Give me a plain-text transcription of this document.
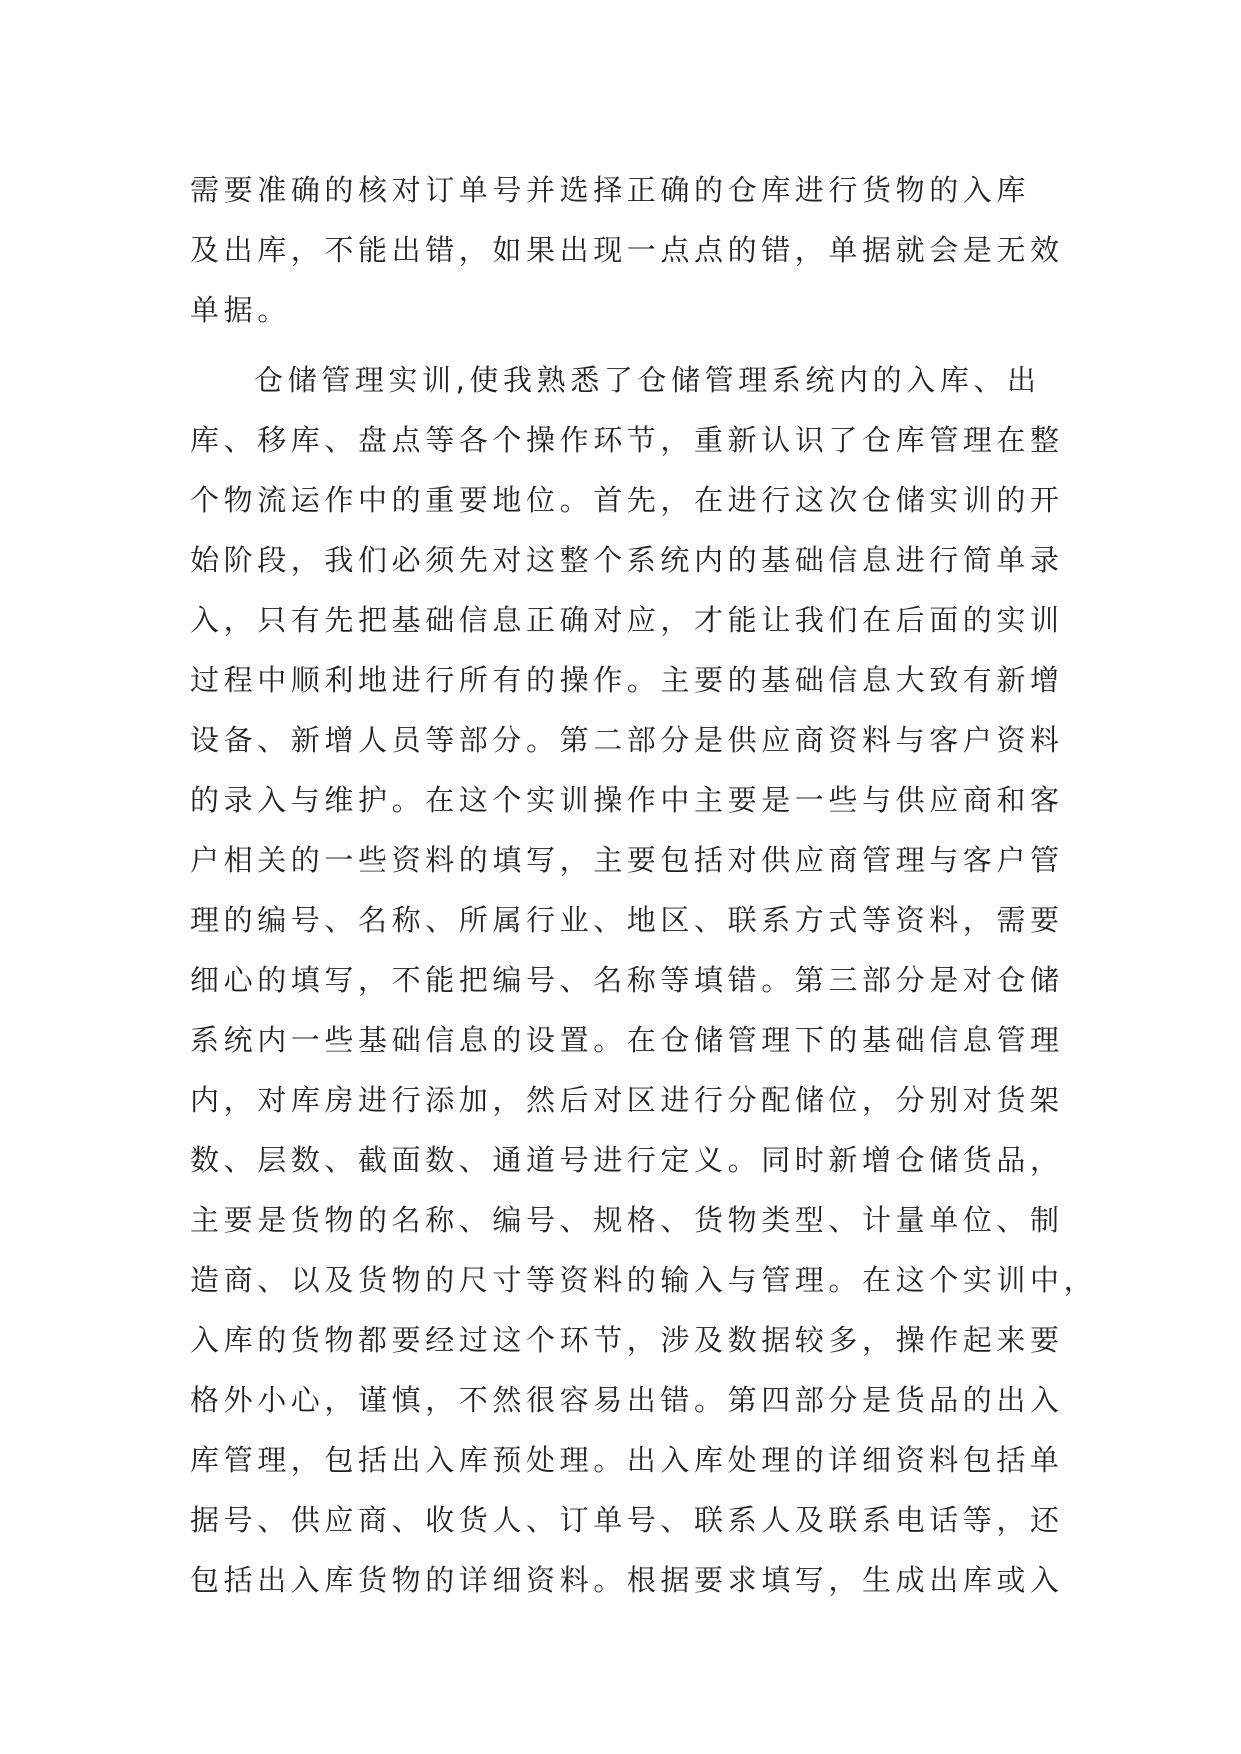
需要准确的核对订单号并选择正确的仓库进行货物的入库
及出库，不能出错，如果出现一点点的错，单据就会是无效
单据。
仓储管理实训,使我熟悉了仓储管理系统内的入库、出
库、移库、盘点等各个操作环节，重新认识了仓库管理在整
个物流运作中的重要地位。首先，在进行这次仓储实训的开
始阶段，我们必须先对这整个系统内的基础信息进行简单录
入，只有先把基础信息正确对应，才能让我们在后面的实训
过程中顺利地进行所有的操作。主要的基础信息大致有新增
设备、新增人员等部分。第二部分是供应商资料与客户资料
的录入与维护。在这个实训操作中主要是一些与供应商和客
户相关的一些资料的填写，主要包括对供应商管理与客户管
理的编号、名称、所属行业、地区、联系方式等资料，需要
细心的填写，不能把编号、名称等填错。第三部分是对仓储
系统内一些基础信息的设置。在仓储管理下的基础信息管理
内，对库房进行添加，然后对区进行分配储位，分别对货架
数、层数、截面数、通道号进行定义。同时新增仓储货品，
主要是货物的名称、编号、规格、货物类型、计量单位、制
造商、以及货物的尺寸等资料的输入与管理。在这个实训中，
入库的货物都要经过这个环节，涉及数据较多，操作起来要
格外小心，谨慎，不然很容易出错。第四部分是货品的出入
库管理，包括出入库预处理。出入库处理的详细资料包括单
据号、供应商、收货人、订单号、联系人及联系电话等，还
包括出入库货物的详细资料。根据要求填写，生成出库或入
